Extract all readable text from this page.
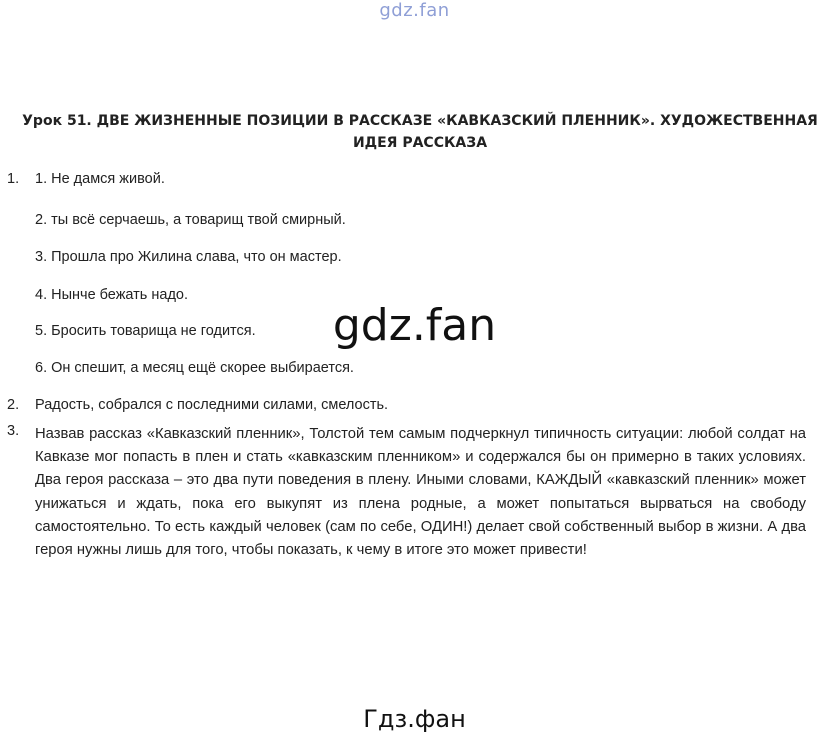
gdz.fan
Урок 51. ДВЕ ЖИЗНЕННЫЕ ПОЗИЦИИ В РАССКАЗЕ «КАВКАЗСКИЙ ПЛЕННИК». ХУДОЖЕСТВЕННАЯ
ИДЕЯ РАССКАЗА
1. 1. Не дамся живой.
2. ты всё серчаешь, а товарищ твой смирный.
3. Прошла про Жилина слава, что он мастер.
4. Нынче бежать надо.
5. Бросить товарища не годится.
6. Он спешит, а месяц ещё скорее выбирается.
2. Радость, собрался с последними силами, смелость.
3. Назвав рассказ «Кавказский пленник», Толстой тем самым подчеркнул типичность ситуации: любой солдат на Кавказе мог попасть в плен и стать «кавказским пленником» и содержался бы он примерно в таких условиях. Два героя рассказа – это два пути поведения в плену. Иными словами, КАЖДЫЙ «кавказский пленник» может унижаться и ждать, пока его выкупят из плена родные, а может попытаться вырваться на свободу самостоятельно. То есть каждый человек (сам по себе, ОДИН!) делает свой собственный выбор в жизни. А два героя нужны лишь для того, чтобы показать, к чему в итоге это может привести!
gdz.fan
Гдз.фан
